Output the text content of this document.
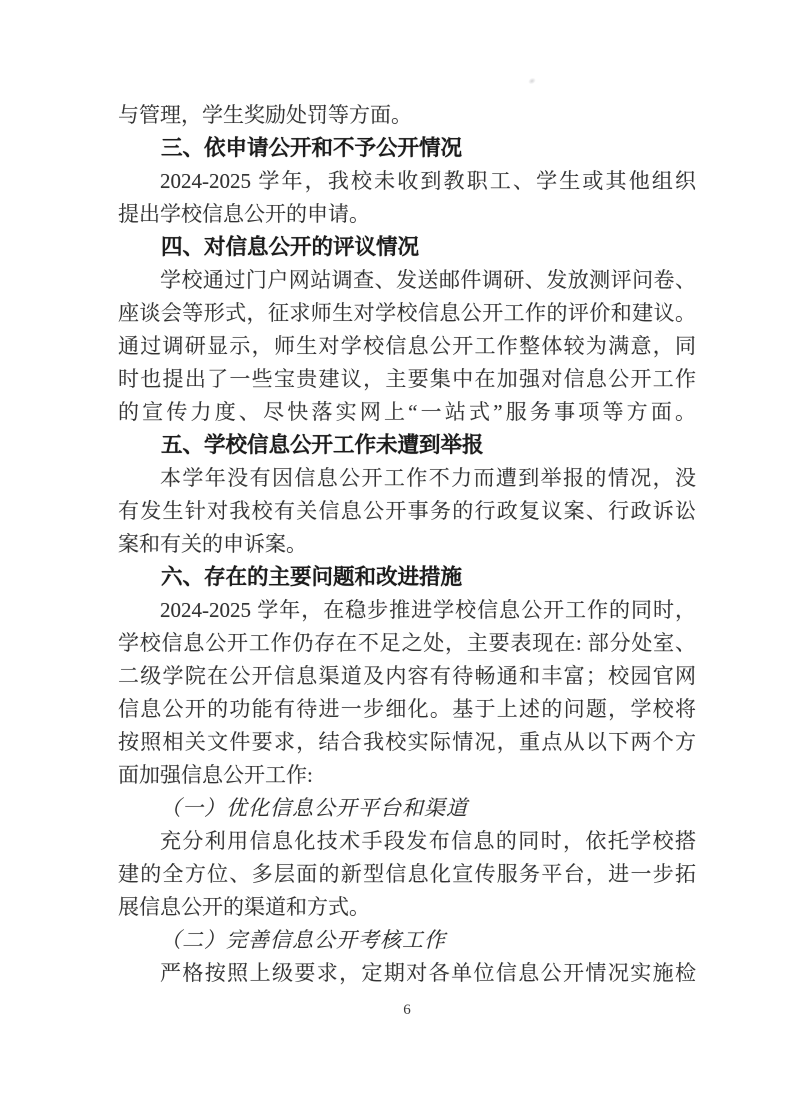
与管理，学生奖励处罚等方面。
三、依申请公开和不予公开情况
2024-2025 学年，我校未收到教职工、学生或其他组织
提出学校信息公开的申请。
四、对信息公开的评议情况
学校通过门户网站调查、发送邮件调研、发放测评问卷、
座谈会等形式，征求师生对学校信息公开工作的评价和建议。
通过调研显示，师生对学校信息公开工作整体较为满意，同
时也提出了一些宝贵建议，主要集中在加强对信息公开工作
的宣传力度、尽快落实网上“一站式”服务事项等方面。
五、学校信息公开工作未遭到举报
本学年没有因信息公开工作不力而遭到举报的情况，没
有发生针对我校有关信息公开事务的行政复议案、行政诉讼
案和有关的申诉案。
六、存在的主要问题和改进措施
2024-2025 学年，在稳步推进学校信息公开工作的同时，
学校信息公开工作仍存在不足之处，主要表现在: 部分处室、
二级学院在公开信息渠道及内容有待畅通和丰富；校园官网
信息公开的功能有待进一步细化。基于上述的问题，学校将
按照相关文件要求，结合我校实际情况，重点从以下两个方
面加强信息公开工作:
（一）优化信息公开平台和渠道
充分利用信息化技术手段发布信息的同时，依托学校搭
建的全方位、多层面的新型信息化宣传服务平台，进一步拓
展信息公开的渠道和方式。
（二）完善信息公开考核工作
严格按照上级要求，定期对各单位信息公开情况实施检
6
